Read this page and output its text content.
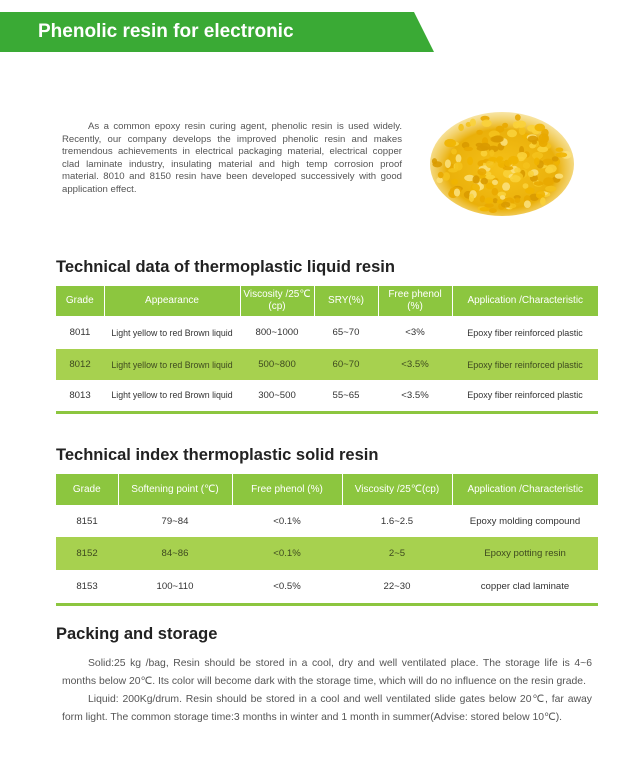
Phenolic resin for electronic
As a common epoxy resin curing agent, phenolic resin is used widely. Recently, our company develops the improved phenolic resin and makes tremendous achievements in electrical packaging material, electrical copper clad laminate industry, insulating material and high temp corrosion proof material. 8010 and 8150 resin have been developed successively with good application effect.
Technical data of thermoplastic liquid resin
Grade	Appearance	Viscosity /25℃(cp)	SRY(%)	Free phenol (%)	Application /Characteristic
8011	Light yellow to red Brown liquid	800~1000	65~70	<3%	Epoxy fiber reinforced plastic
8012	Light yellow to red Brown liquid	500~800	60~70	<3.5%	Epoxy fiber reinforced plastic
8013	Light yellow to red Brown liquid	300~500	55~65	<3.5%	Epoxy fiber reinforced plastic
Technical index thermoplastic solid resin
Grade	Softening point (℃)	Free phenol (%)	Viscosity /25℃(cp)	Application /Characteristic
8151	79~84	<0.1%	1.6~2.5	Epoxy molding compound
8152	84~86	<0.1%	2~5	Epoxy potting resin
8153	100~110	<0.5%	22~30	copper clad laminate
Packing and storage

Solid:25 kg /bag, Resin should be stored in a cool, dry and well ventilated place. The storage life is 4~6 months below 20℃. Its color will become dark with the storage time, which will do no influence on the resin grade.

Liquid: 200Kg/drum. Resin should be stored in a cool and well ventilated slide gates below 20℃, far away form light. The common storage time:3 months in winter and 1 month in summer(Advise: stored below 10℃).
